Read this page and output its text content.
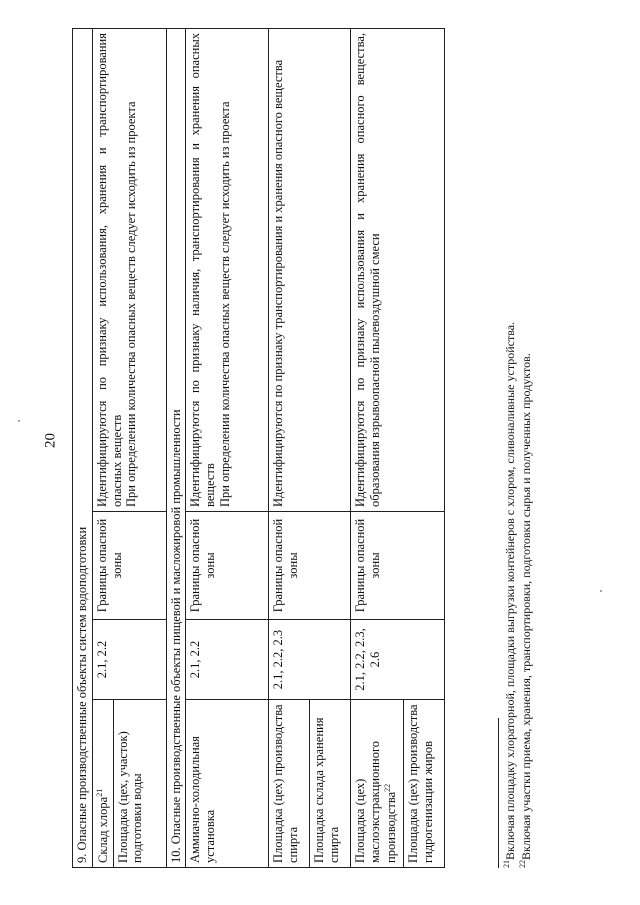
20
9. Опасные производственные объекты систем водоподготовки			
Склад хлора$^{21}$	2.1, 2.2	Границы опасной зоны	Идентифицируются по признаку использования, хранения и транспортирования опасных веществ При определении количества опасных веществ следует исходить из проекта

Площадка (цех, участок) подготовки воды			
10. Опасные производственные объекты пищевой и масложировой промышленности			
Аммиачно-холодильная установка	2.1, 2.2	Границы опасной зоны	Идентифицируются по признаку наличия, транспортирования и хранения опасных веществ При определении количества опасных веществ следует исходить из проекта

Площадка (цех) производства спирта	2.1, 2.2, 2.3	Границы опасной зоны	Идентифицируются по признаку транспортирования и хранения опасного вещества

Площадка склада хранения спирта			
Площадка (цех) маслоэкстракционного производства$^{22}$	2.1, 2.2, 2.3, 2.6	Границы опасной зоны	Идентифицируются по признаку использования и хранения опасного вещества, образования взрывоопасной пылевоздушной смеси

Площадка (цех) производства гидрогенизации жиров			
$^{21}$Включая площадку хлораторной, площадки выгрузки контейнеров с хлором, сливоналивные устройства.
$^{22}$Включая участки приема, хранения, транспортировки, подготовки сырья и полученных продуктов.
